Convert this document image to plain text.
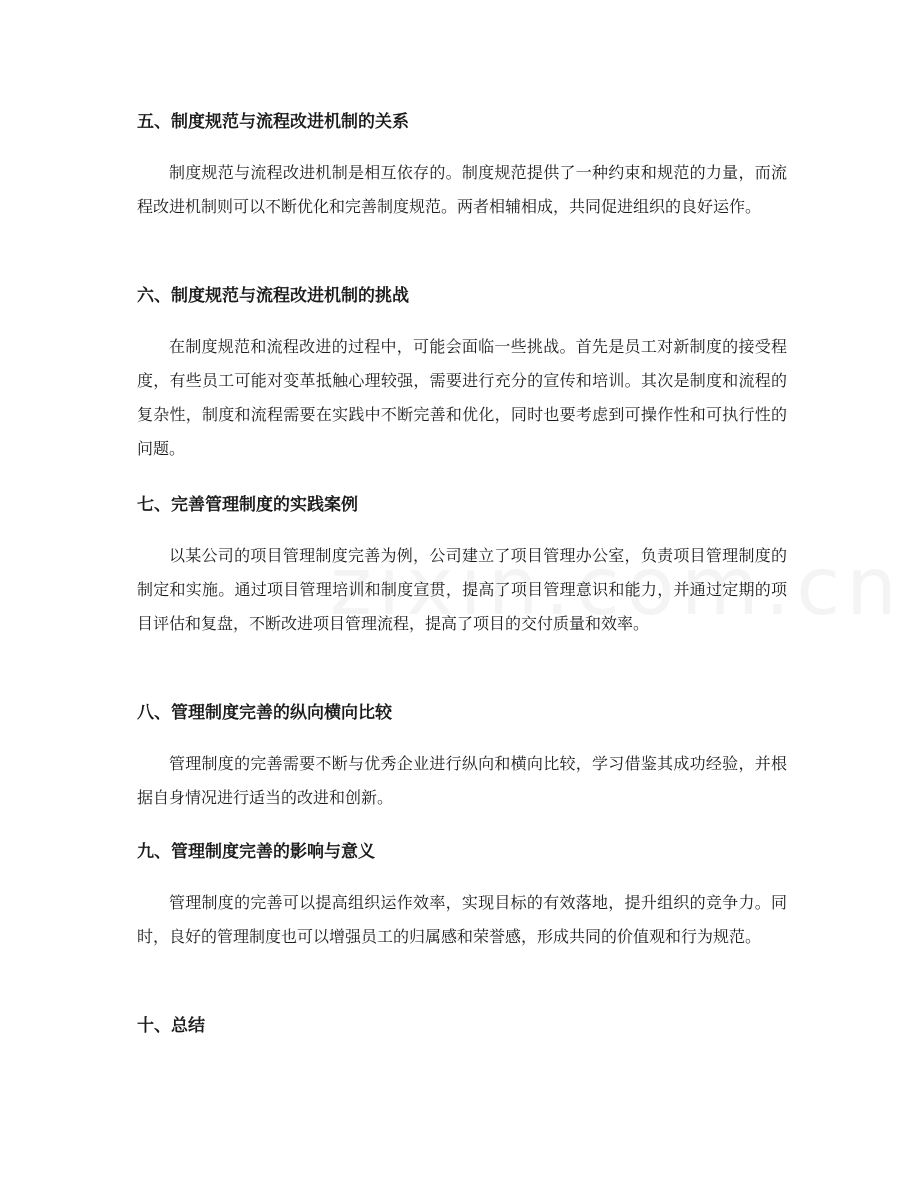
五、制度规范与流程改进机制的关系

制度规范与流程改进机制是相互依存的。制度规范提供了一种约束和规范的力量，而流程改进机制则可以不断优化和完善制度规范。两者相辅相成，共同促进组织的良好运作。

六、制度规范与流程改进机制的挑战

在制度规范和流程改进的过程中，可能会面临一些挑战。首先是员工对新制度的接受程度，有些员工可能对变革抵触心理较强，需要进行充分的宣传和培训。其次是制度和流程的复杂性，制度和流程需要在实践中不断完善和优化，同时也要考虑到可操作性和可执行性的问题。

七、完善管理制度的实践案例

以某公司的项目管理制度完善为例，公司建立了项目管理办公室，负责项目管理制度的制定和实施。通过项目管理培训和制度宣贯，提高了项目管理意识和能力，并通过定期的项目评估和复盘，不断改进项目管理流程，提高了项目的交付质量和效率。

八、管理制度完善的纵向横向比较

管理制度的完善需要不断与优秀企业进行纵向和横向比较，学习借鉴其成功经验，并根据自身情况进行适当的改进和创新。

九、管理制度完善的影响与意义

管理制度的完善可以提高组织运作效率，实现目标的有效落地，提升组织的竞争力。同时，良好的管理制度也可以增强员工的归属感和荣誉感，形成共同的价值观和行为规范。

十、总结
